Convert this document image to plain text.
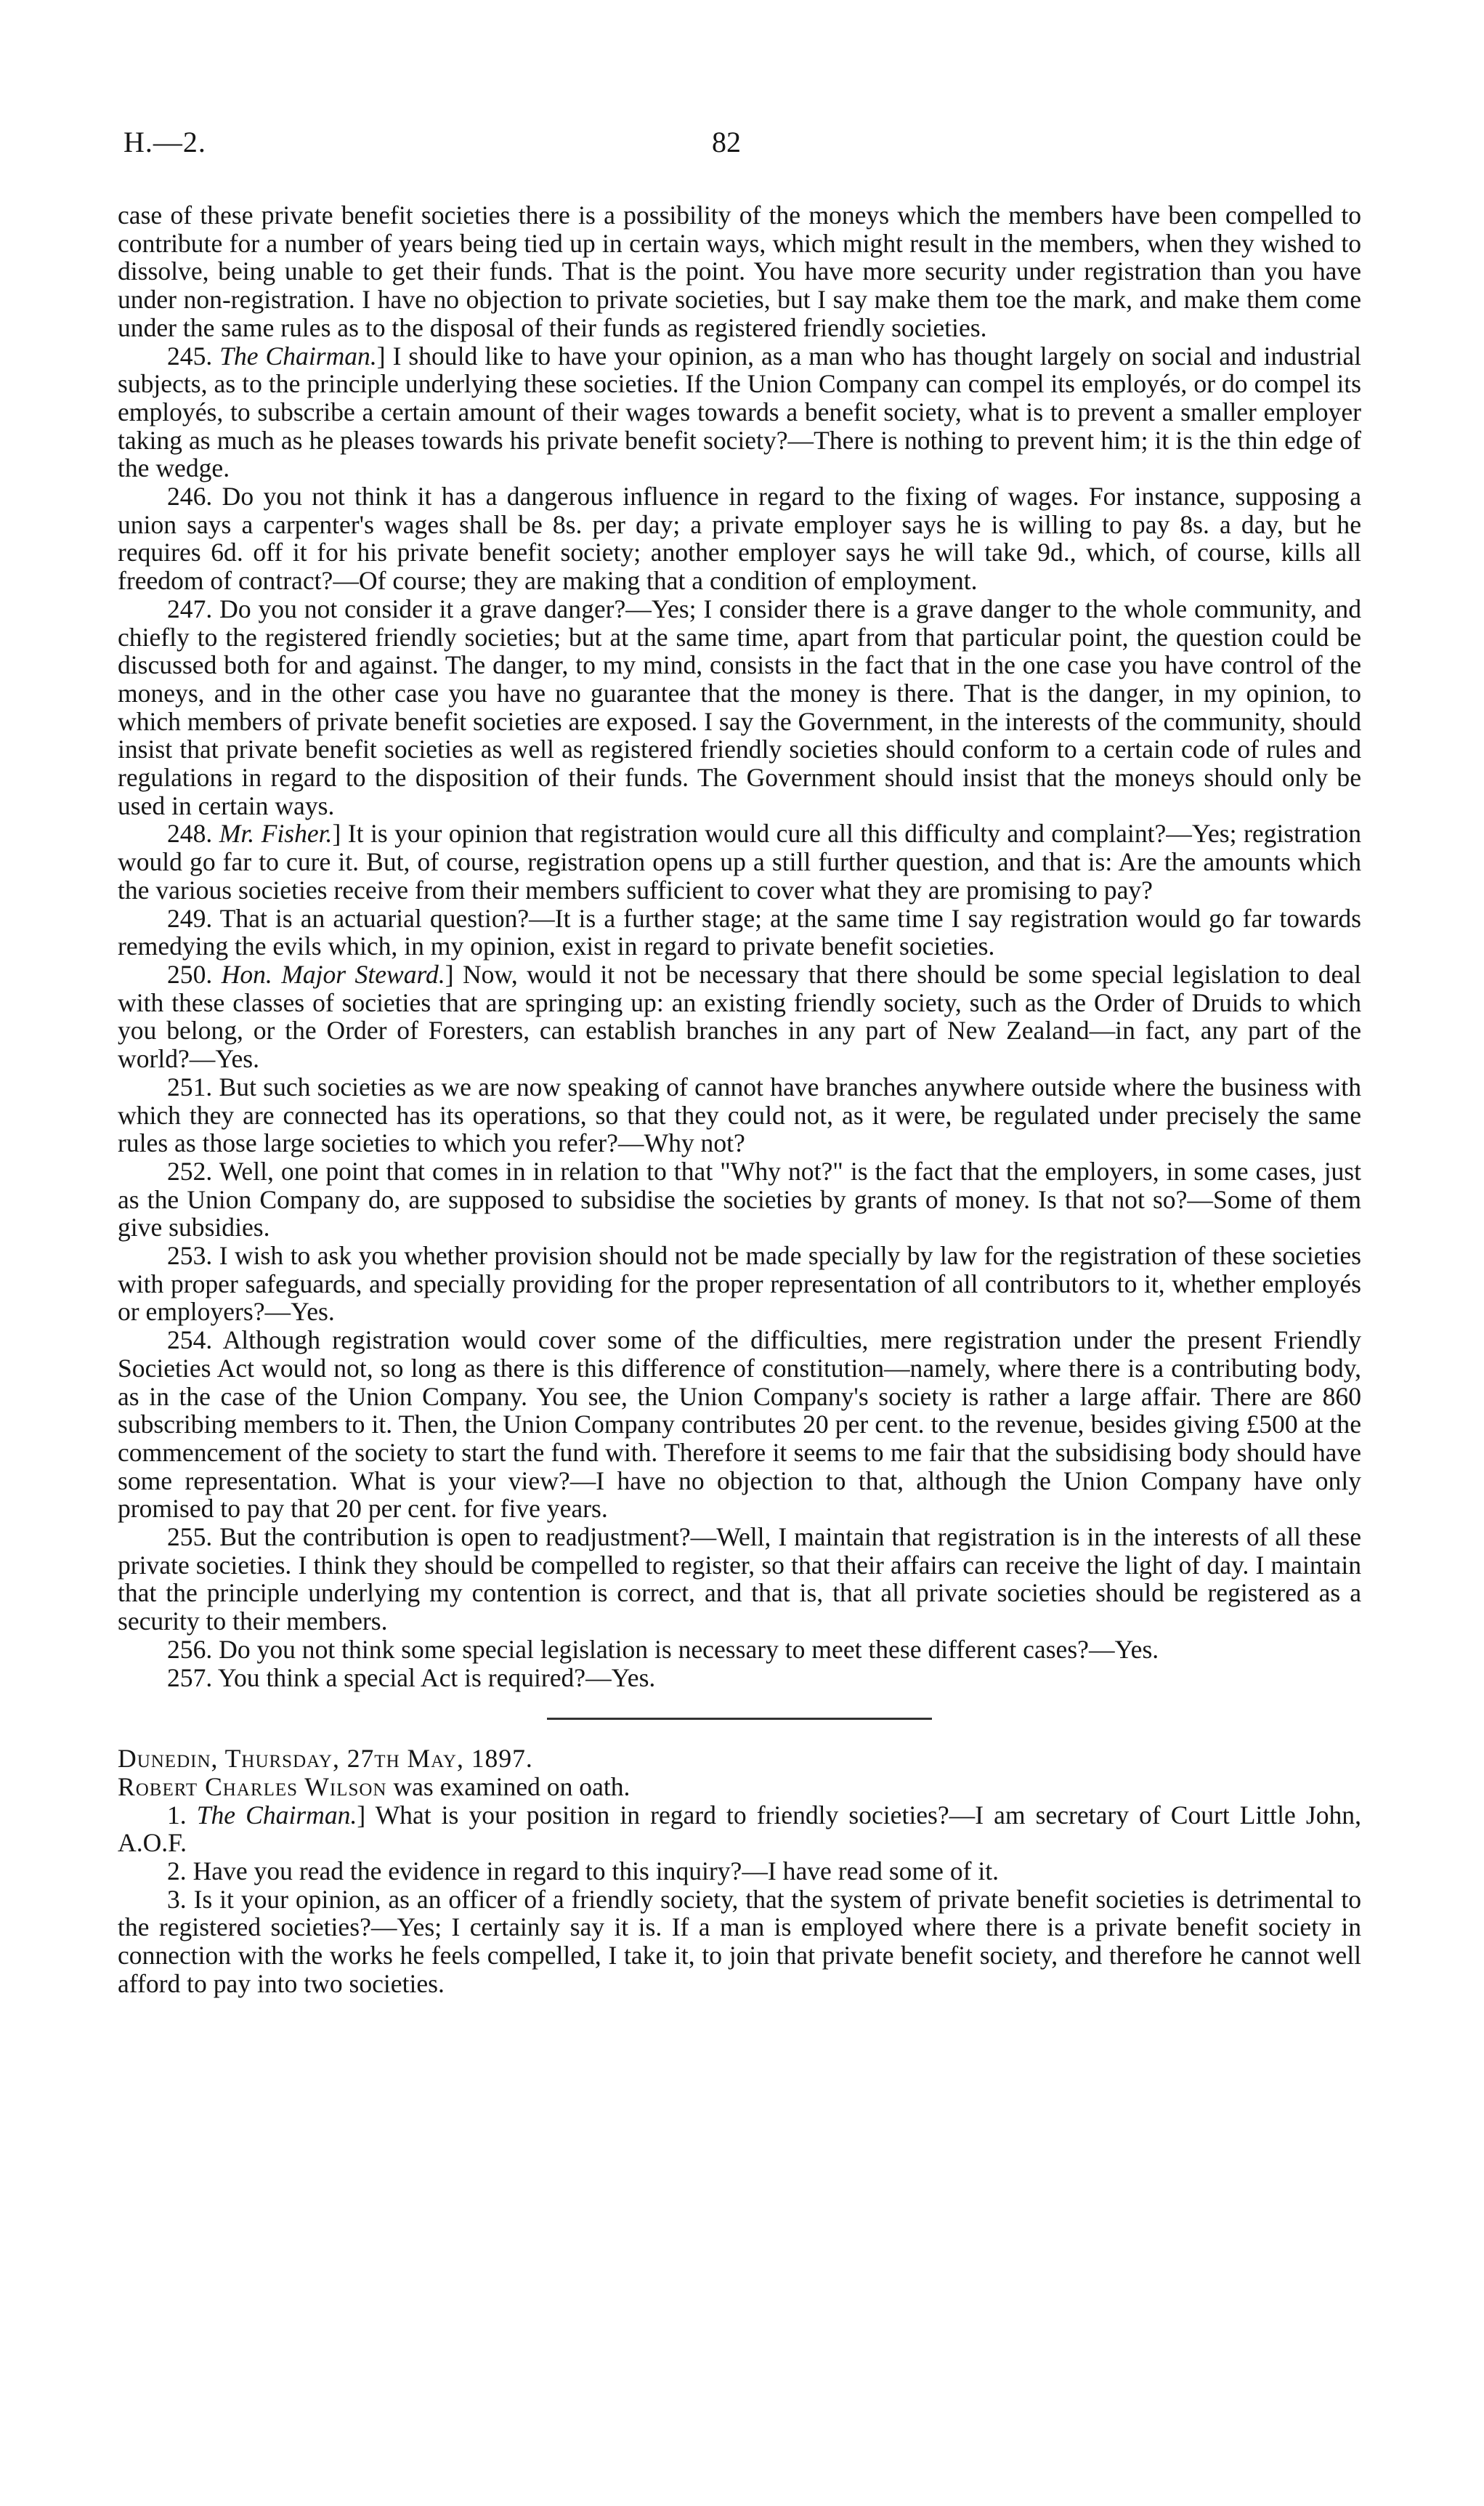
H.—2.	82

case of these private benefit societies there is a possibility of the moneys which the members have been compelled to contribute for a number of years being tied up in certain ways, which might result in the members, when they wished to dissolve, being unable to get their funds. That is the point. You have more security under registration than you have under non-registration. I have no objection to private societies, but I say make them toe the mark, and make them come under the same rules as to the disposal of their funds as registered friendly societies.

245. The Chairman.] I should like to have your opinion, as a man who has thought largely on social and industrial subjects, as to the principle underlying these societies. If the Union Company can compel its employés, or do compel its employés, to subscribe a certain amount of their wages towards a benefit society, what is to prevent a smaller employer taking as much as he pleases towards his private benefit society?—There is nothing to prevent him; it is the thin edge of the wedge.

246. Do you not think it has a dangerous influence in regard to the fixing of wages. For instance, supposing a union says a carpenter's wages shall be 8s. per day; a private employer says he is willing to pay 8s. a day, but he requires 6d. off it for his private benefit society; another employer says he will take 9d., which, of course, kills all freedom of contract?—Of course; they are making that a condition of employment.

247. Do you not consider it a grave danger?—Yes; I consider there is a grave danger to the whole community, and chiefly to the registered friendly societies; but at the same time, apart from that particular point, the question could be discussed both for and against. The danger, to my mind, consists in the fact that in the one case you have control of the moneys, and in the other case you have no guarantee that the money is there. That is the danger, in my opinion, to which members of private benefit societies are exposed. I say the Government, in the interests of the community, should insist that private benefit societies as well as registered friendly societies should conform to a certain code of rules and regulations in regard to the disposition of their funds. The Government should insist that the moneys should only be used in certain ways.

248. Mr. Fisher.] It is your opinion that registration would cure all this difficulty and complaint?—Yes; registration would go far to cure it. But, of course, registration opens up a still further question, and that is: Are the amounts which the various societies receive from their members sufficient to cover what they are promising to pay?

249. That is an actuarial question?—It is a further stage; at the same time I say registration would go far towards remedying the evils which, in my opinion, exist in regard to private benefit societies.

250. Hon. Major Steward.] Now, would it not be necessary that there should be some special legislation to deal with these classes of societies that are springing up: an existing friendly society, such as the Order of Druids to which you belong, or the Order of Foresters, can establish branches in any part of New Zealand—in fact, any part of the world?—Yes.

251. But such societies as we are now speaking of cannot have branches anywhere outside where the business with which they are connected has its operations, so that they could not, as it were, be regulated under precisely the same rules as those large societies to which you refer?—Why not?

252. Well, one point that comes in in relation to that "Why not?" is the fact that the employers, in some cases, just as the Union Company do, are supposed to subsidise the societies by grants of money. Is that not so?—Some of them give subsidies.

253. I wish to ask you whether provision should not be made specially by law for the registration of these societies with proper safeguards, and specially providing for the proper representation of all contributors to it, whether employés or employers?—Yes.

254. Although registration would cover some of the difficulties, mere registration under the present Friendly Societies Act would not, so long as there is this difference of constitution—namely, where there is a contributing body, as in the case of the Union Company. You see, the Union Company's society is rather a large affair. There are 860 subscribing members to it. Then, the Union Company contributes 20 per cent. to the revenue, besides giving £500 at the commencement of the society to start the fund with. Therefore it seems to me fair that the subsidising body should have some representation. What is your view?—I have no objection to that, although the Union Company have only promised to pay that 20 per cent. for five years.

255. But the contribution is open to readjustment?—Well, I maintain that registration is in the interests of all these private societies. I think they should be compelled to register, so that their affairs can receive the light of day. I maintain that the principle underlying my contention is correct, and that is, that all private societies should be registered as a security to their members.

256. Do you not think some special legislation is necessary to meet these different cases?—Yes.

257. You think a special Act is required?—Yes.

Dunedin, Thursday, 27th May, 1897.

Robert Charles Wilson was examined on oath.

1. The Chairman.] What is your position in regard to friendly societies?—I am secretary of Court Little John, A.O.F.

2. Have you read the evidence in regard to this inquiry?—I have read some of it.

3. Is it your opinion, as an officer of a friendly society, that the system of private benefit societies is detrimental to the registered societies?—Yes; I certainly say it is. If a man is employed where there is a private benefit society in connection with the works he feels compelled, I take it, to join that private benefit society, and therefore he cannot well afford to pay into two societies.
